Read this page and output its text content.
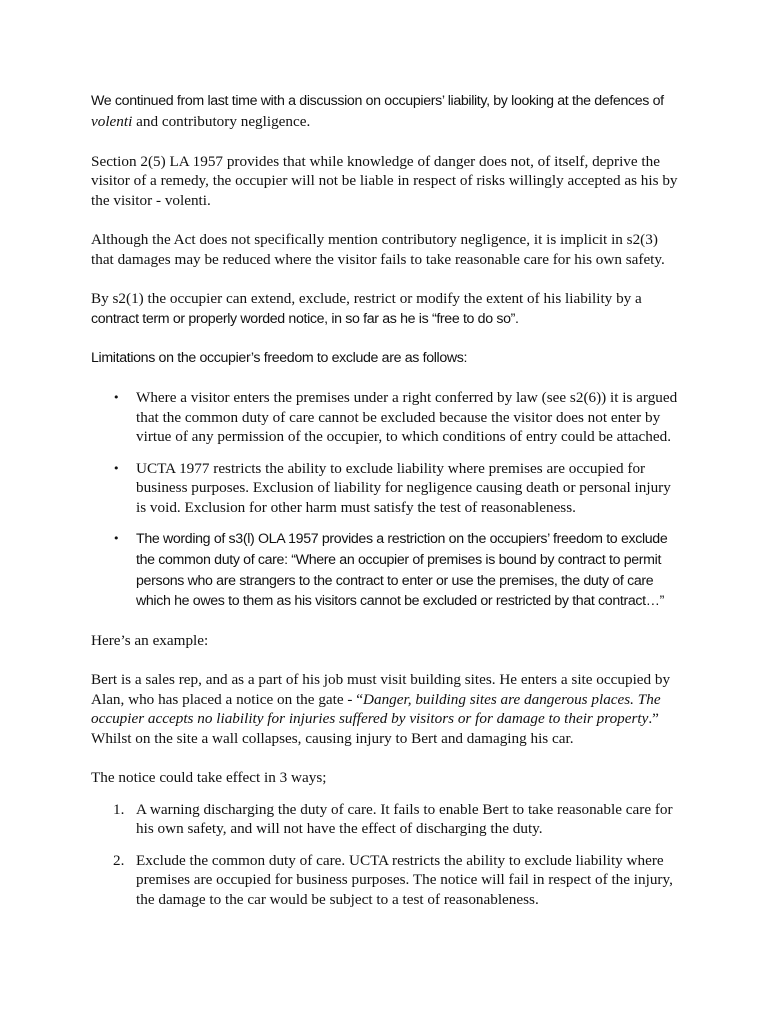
We continued from last time with a discussion on occupiers’ liability, by looking at the defences of volenti and contributory negligence.

Section 2(5) LA 1957 provides that while knowledge of danger does not, of itself, deprive the visitor of a remedy, the occupier will not be liable in respect of risks willingly accepted as his by the visitor - volenti.

Although the Act does not specifically mention contributory negligence, it is implicit in s2(3) that damages may be reduced where the visitor fails to take reasonable care for his own safety.

By s2(1) the occupier can extend, exclude, restrict or modify the extent of his liability by a
contract term or properly worded notice, in so far as he is “free to do so”.

Limitations on the occupier’s freedom to exclude are as follows:

• Where a visitor enters the premises under a right conferred by law (see s2(6)) it is argued that the common duty of care cannot be excluded because the visitor does not enter by virtue of any permission of the occupier, to which conditions of entry could be attached.
• UCTA 1977 restricts the ability to exclude liability where premises are occupied for business purposes. Exclusion of liability for negligence causing death or personal injury is void. Exclusion for other harm must satisfy the test of reasonableness.
• The wording of s3(l) OLA 1957 provides a restriction on the occupiers’ freedom to exclude the common duty of care: “Where an occupier of premises is bound by contract to permit persons who are strangers to the contract to enter or use the premises, the duty of care which he owes to them as his visitors cannot be excluded or restricted by that contract…”

Here’s an example:

Bert is a sales rep, and as a part of his job must visit building sites. He enters a site occupied by Alan, who has placed a notice on the gate - “Danger, building sites are dangerous places. The occupier accepts no liability for injuries suffered by visitors or for damage to their property.” Whilst on the site a wall collapses, causing injury to Bert and damaging his car.

The notice could take effect in 3 ways;

1. A warning discharging the duty of care. It fails to enable Bert to take reasonable care for his own safety, and will not have the effect of discharging the duty.
2. Exclude the common duty of care. UCTA restricts the ability to exclude liability where premises are occupied for business purposes. The notice will fail in respect of the injury, the damage to the car would be subject to a test of reasonableness.
